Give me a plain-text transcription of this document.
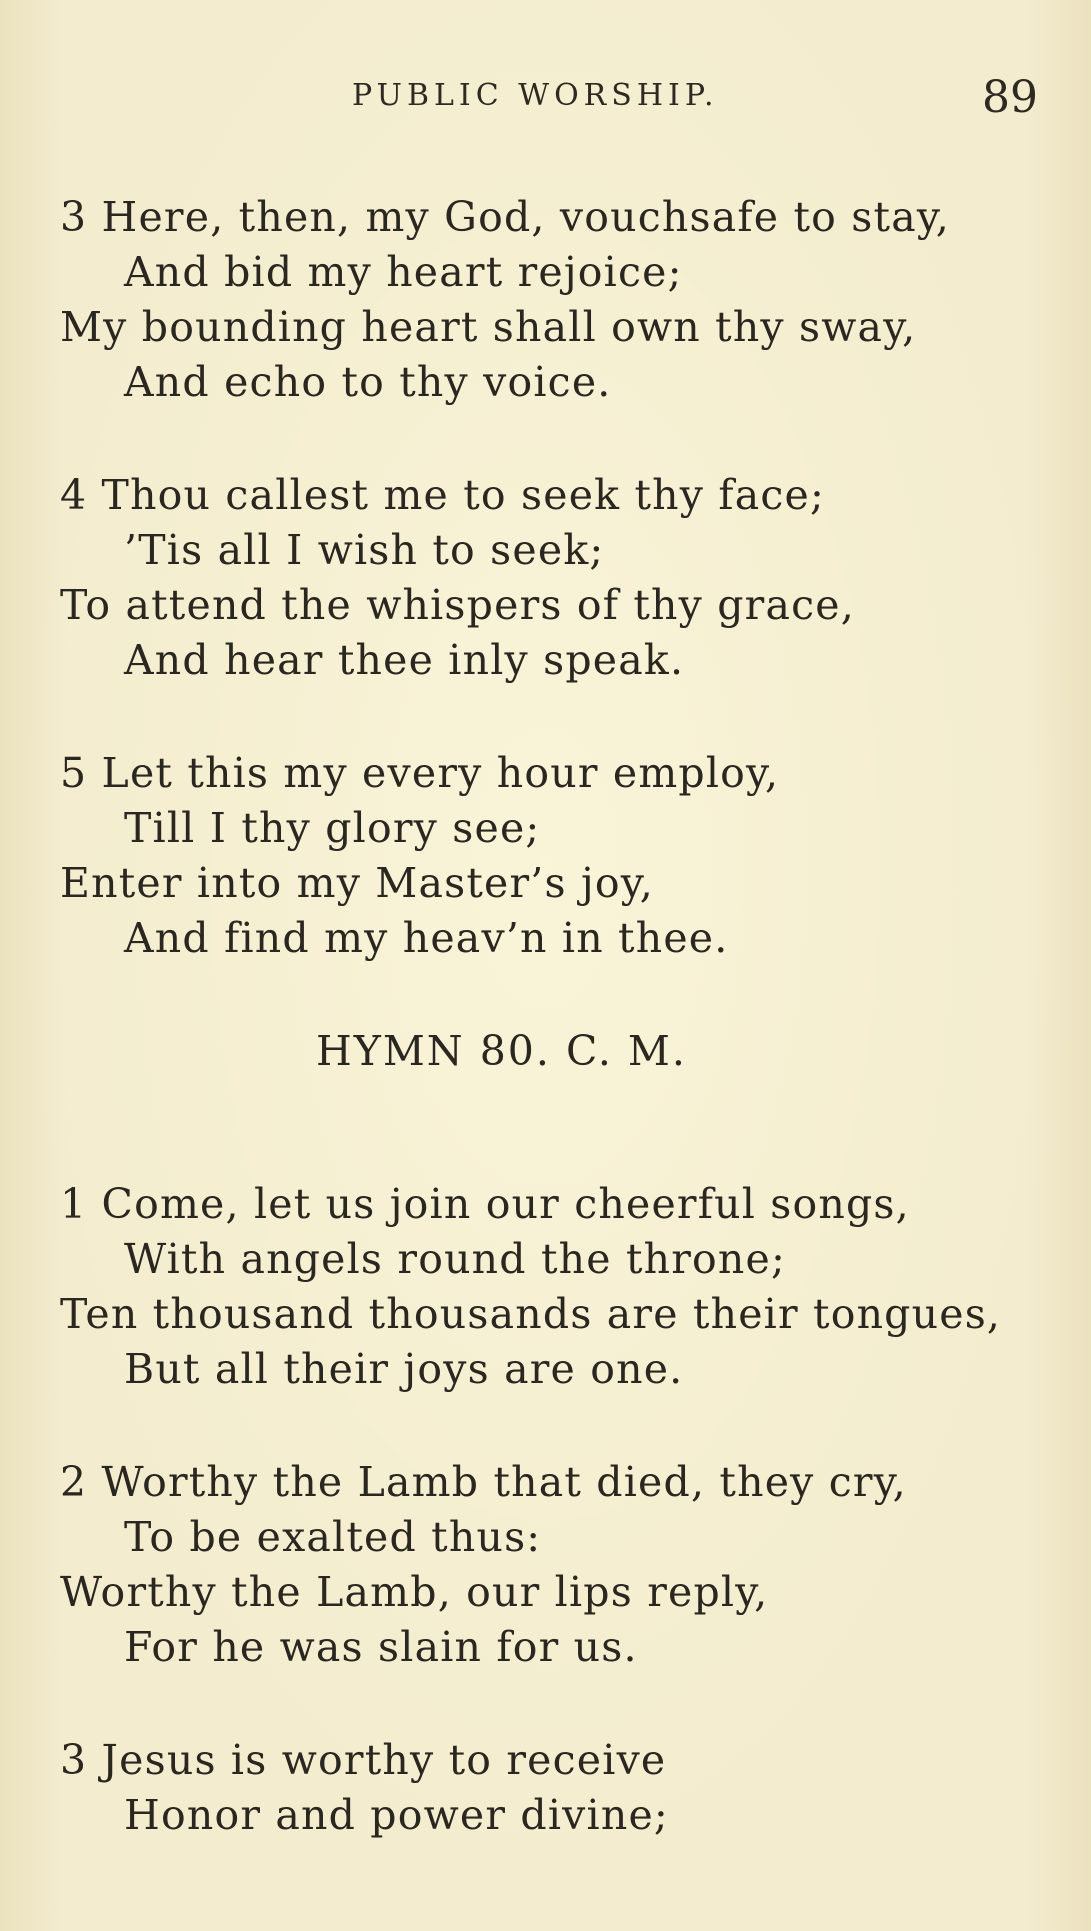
PUBLIC WORSHIP.	89
3 Here, then, my God, vouchsafe to stay,
And bid my heart rejoice;
My bounding heart shall own thy sway,
And echo to thy voice.
4 Thou callest me to seek thy face;
’Tis all I wish to seek;
To attend the whispers of thy grace,
And hear thee inly speak.
5 Let this my every hour employ,
Till I thy glory see;
Enter into my Master’s joy,
And find my heav’n in thee.
HYMN 80. C. M.
1 Come, let us join our cheerful songs,
With angels round the throne;
Ten thousand thousands are their tongues,
But all their joys are one.
2 Worthy the Lamb that died, they cry,
To be exalted thus:
Worthy the Lamb, our lips reply,
For he was slain for us.
3 Jesus is worthy to receive
Honor and power divine;
